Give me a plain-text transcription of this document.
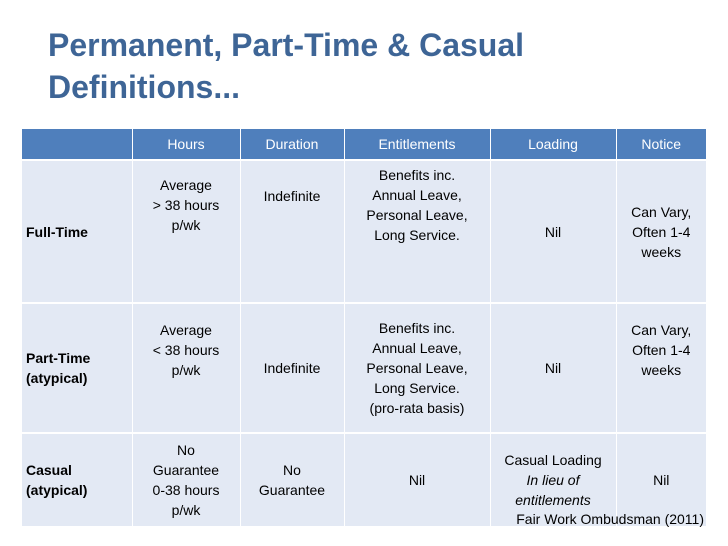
Permanent, Part-Time & Casual
Definitions...
	Hours	Duration	Entitlements	Loading	Notice

Full-Time	Average
> 38 hours
p/wk	Indefinite	Benefits inc.
Annual Leave,
Personal Leave,
Long Service.	Nil	Can Vary,
Often 1-4
weeks

Part-Time
(atypical)	Average
< 38 hours
p/wk	Indefinite	Benefits inc.
Annual Leave,
Personal Leave,
Long Service.
(pro-rata basis)	Nil	Can Vary,
Often 1-4
weeks

Casual
(atypical)	No
Guarantee
0-38 hours
p/wk	No
Guarantee	Nil	Casual Loading
In lieu of
entitlements	Nil
Fair Work Ombudsman (2011)
